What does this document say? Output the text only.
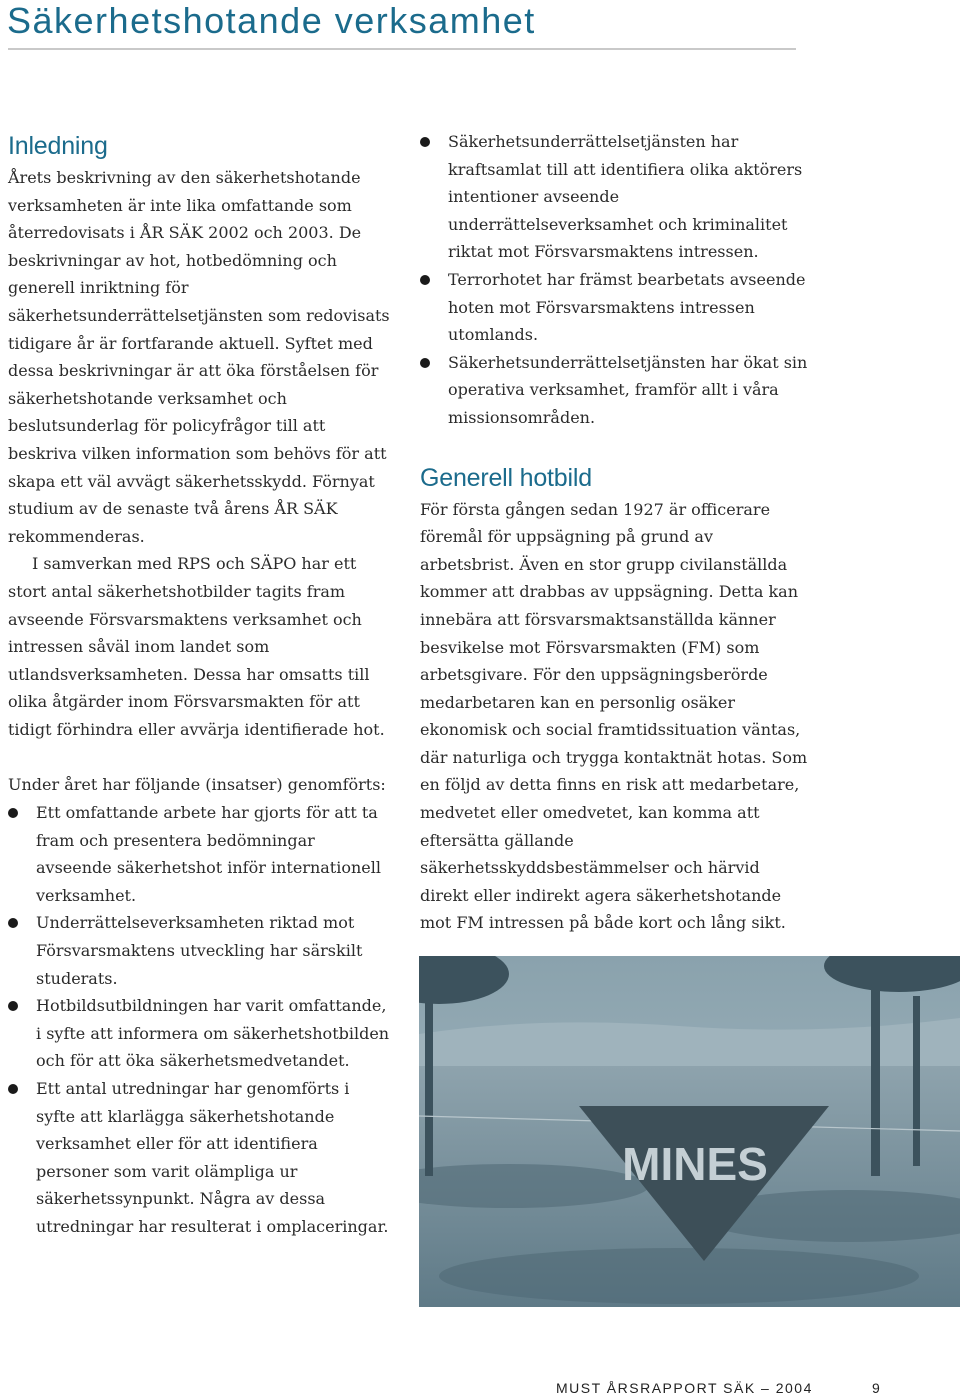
Säkerhetshotande verksamhet
Inledning

Årets beskrivning av den säkerhetshotande verksamheten är inte lika omfattande som återredovisats i ÅR SÄK 2002 och 2003. De beskrivningar av hot, hotbedömning och generell inriktning för säkerhetsunderrättelsetjänsten som redovisats tidigare år är fortfarande aktuell. Syftet med dessa beskrivningar är att öka förståelsen för säkerhetshotande verksamhet och beslutsunderlag för policyfrågor till att beskriva vilken information som behövs för att skapa ett väl avvägt säkerhetsskydd. Förnyat studium av de senaste två årens ÅR SÄK rekommenderas.

I samverkan med RPS och SÄPO har ett stort antal säkerhetshotbilder tagits fram avseende Försvarsmaktens verksamhet och intressen såväl inom landet som utlandsverksamheten. Dessa har omsatts till olika åtgärder inom Försvarsmakten för att tidigt förhindra eller avvärja identifierade hot.

Under året har följande (insatser) genomförts:

Ett omfattande arbete har gjorts för att ta fram och presentera bedömningar avseende säkerhetshot inför internationell verksamhet.
Underrättelseverksamheten riktad mot Försvarsmaktens utveckling har särskilt studerats.
Hotbildsutbildningen har varit omfattande, i syfte att informera om säkerhetshotbilden och för att öka säkerhetsmedvetandet.
Ett antal utredningar har genomförts i syfte att klarlägga säkerhetshotande verksamhet eller för att identifiera personer som varit olämpliga ur säkerhetssynpunkt. Några av dessa utredningar har resulterat i omplaceringar.
Säkerhetsunderrättelsetjänsten har kraftsamlat till att identifiera olika aktörers intentioner avseende underrättelseverksamhet och kriminalitet riktat mot Försvarsmaktens intressen.
Terrorhotet har främst bearbetats avseende hoten mot Försvarsmaktens intressen utomlands.
Säkerhetsunderrättelsetjänsten har ökat sin operativa verksamhet, framför allt i våra missionsområden.
Generell hotbild

För första gången sedan 1927 är officerare föremål för uppsägning på grund av arbetsbrist. Även en stor grupp civilanställda kommer att drabbas av uppsägning. Detta kan innebära att försvarsmaktsanställda känner besvikelse mot Försvarsmakten (FM) som arbetsgivare. För den uppsägningsberörde medarbetaren kan en personlig osäker ekonomisk och social framtidssituation väntas, där naturliga och trygga kontaktnät hotas. Som en följd av detta finns en risk att medarbetare, medvetet eller omedvetet, kan komma att eftersätta gällande säkerhetsskyddsbestämmelser och härvid direkt eller indirekt agera säkerhetshotande mot FM intressen på både kort och lång sikt.

MINES
MUST ÅRSRAPPORT SÄK – 2004	9
